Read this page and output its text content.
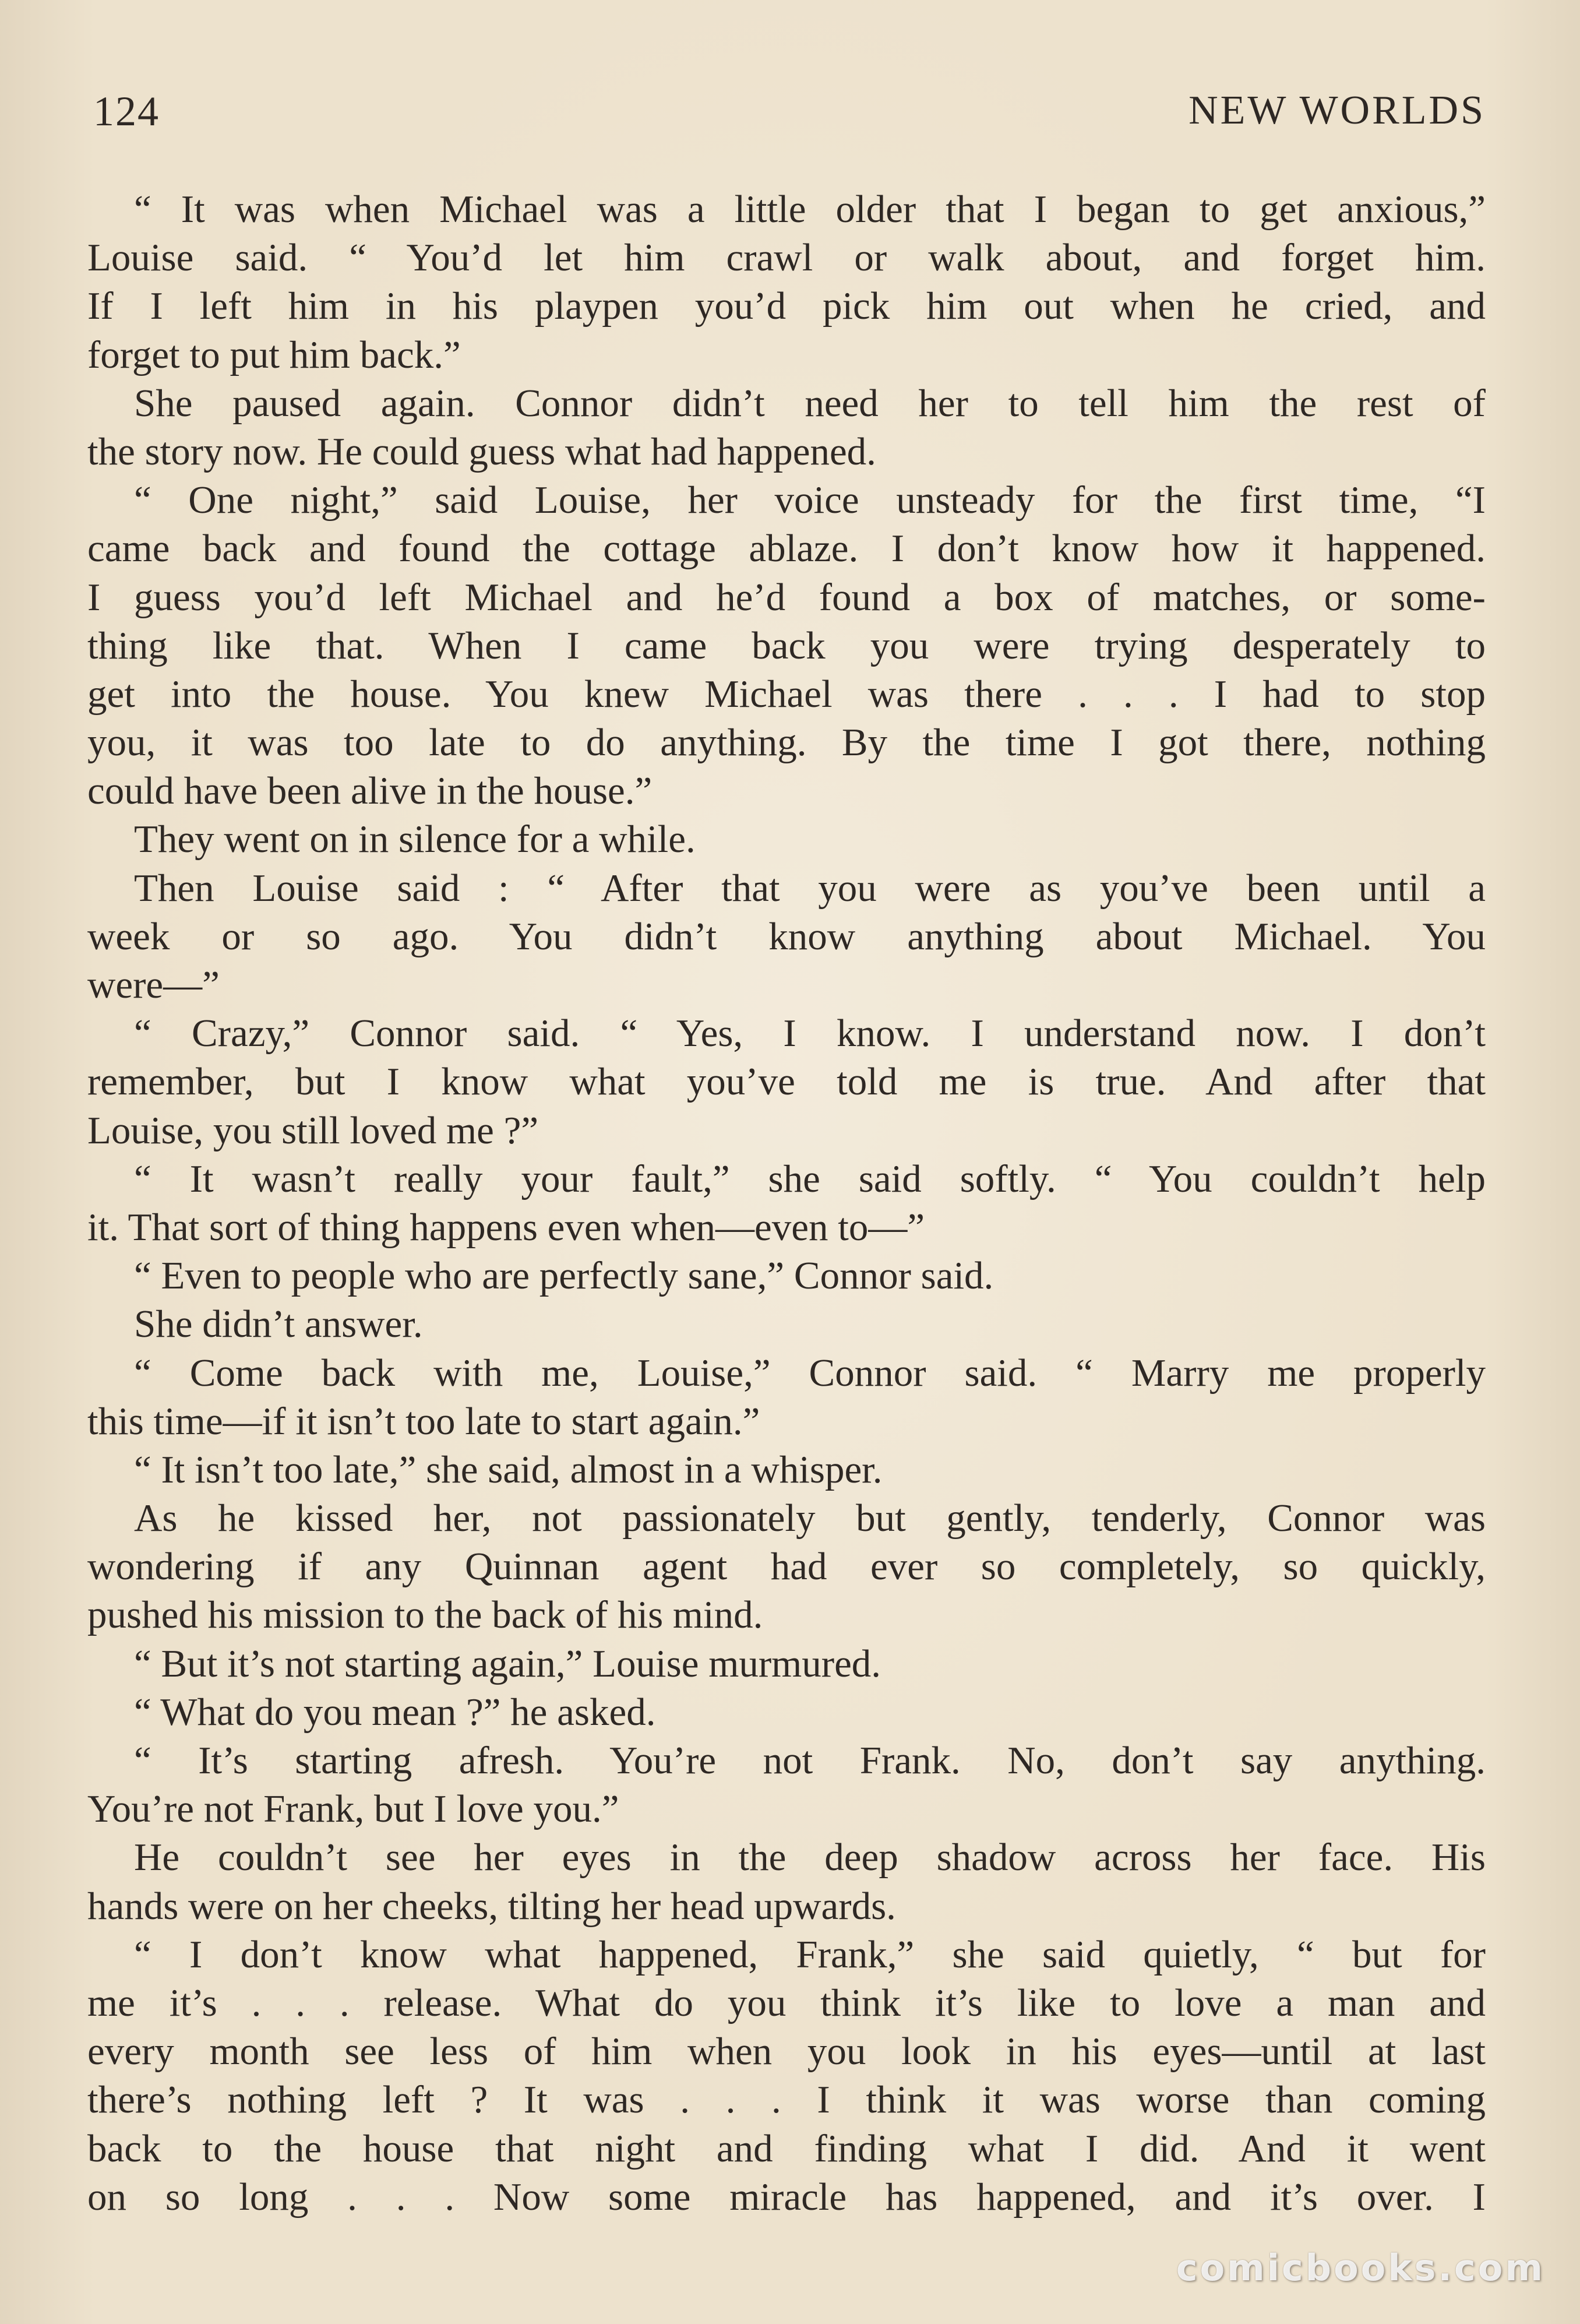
124	NEW WORLDS
“ It was when Michael was a little older that I began to get anxious,”
Louise said. “ You’d let him crawl or walk about, and forget him.
If I left him in his playpen you’d pick him out when he cried, and
forget to put him back.”
She paused again. Connor didn’t need her to tell him the rest of
the story now. He could guess what had happened.
“ One night,” said Louise, her voice unsteady for the first time, “I
came back and found the cottage ablaze. I don’t know how it happened.
I guess you’d left Michael and he’d found a box of matches, or some-
thing like that. When I came back you were trying desperately to
get into the house. You knew Michael was there . . . I had to stop
you, it was too late to do anything. By the time I got there, nothing
could have been alive in the house.”
They went on in silence for a while.
Then Louise said : “ After that you were as you’ve been until a
week or so ago. You didn’t know anything about Michael. You
were—”
“ Crazy,” Connor said. “ Yes, I know. I understand now. I don’t
remember, but I know what you’ve told me is true. And after that
Louise, you still loved me ?”
“ It wasn’t really your fault,” she said softly. “ You couldn’t help
it. That sort of thing happens even when—even to—”
“ Even to people who are perfectly sane,” Connor said.
She didn’t answer.
“ Come back with me, Louise,” Connor said. “ Marry me properly
this time—if it isn’t too late to start again.”
“ It isn’t too late,” she said, almost in a whisper.
As he kissed her, not passionately but gently, tenderly, Connor was
wondering if any Quinnan agent had ever so completely, so quickly,
pushed his mission to the back of his mind.
“ But it’s not starting again,” Louise murmured.
“ What do you mean ?” he asked.
“ It’s starting afresh. You’re not Frank. No, don’t say anything.
You’re not Frank, but I love you.”
He couldn’t see her eyes in the deep shadow across her face. His
hands were on her cheeks, tilting her head upwards.
“ I don’t know what happened, Frank,” she said quietly, “ but for
me it’s . . . release. What do you think it’s like to love a man and
every month see less of him when you look in his eyes—until at last
there’s nothing left ? It was . . . I think it was worse than coming
back to the house that night and finding what I did. And it went
on so long . . . Now some miracle has happened, and it’s over. I
comicbooks.com
